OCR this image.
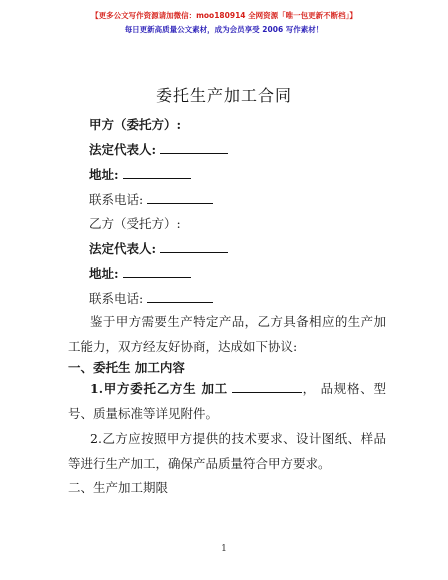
【更多公文写作资源请加微信：moo180914 全网资源「唯一包更新不断档」】
每日更新高质量公文素材，成为会员享受 2006 写作素材！
委托生产加工合同
甲方（委托方）:
法定代表人:
地址:
联系电话:
乙方（受托方）:
法定代表人:
地址:
联系电话:
鉴于甲方需要生产特定产品，乙方具备相应的生产加工能力，双方经友好协商，达成如下协议:
一、委托生 加工内容
1.甲方委托乙方生 加工	， 品规格、型号、质量标准等详见附件。
2.乙方应按照甲方提供的技术要求、设计图纸、样品等进行生产加工，确保产品质量符合甲方要求。
二、生产加工期限
1
